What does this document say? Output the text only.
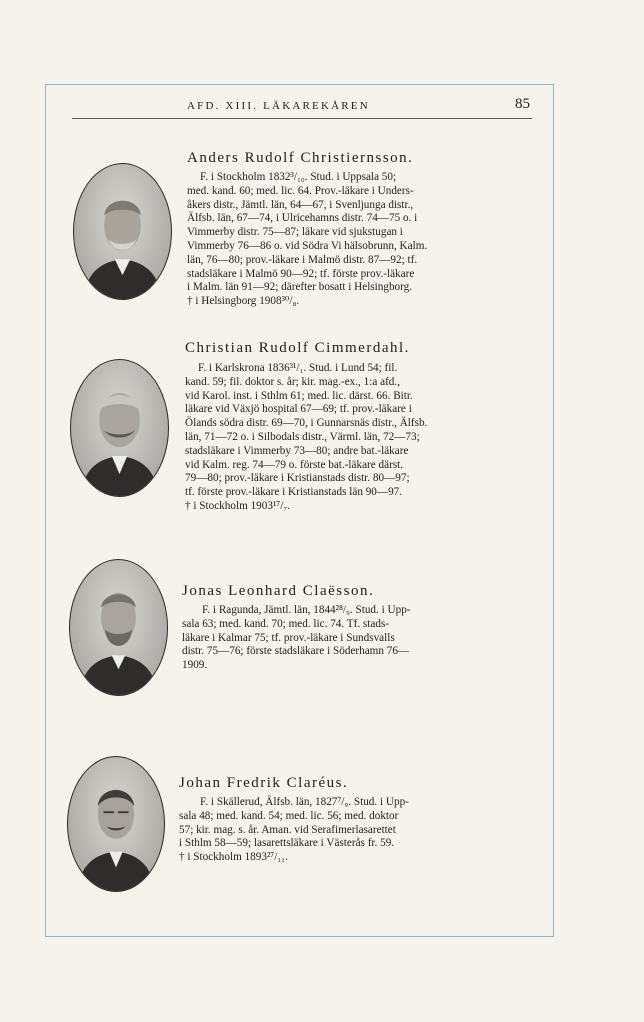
AFD. XIII. LÄKAREKÅREN	85
Anders Rudolf Christiernsson.

F. i Stockholm 1832³/₁₀. Stud. i Uppsala 50;
med. kand. 60; med. lic. 64. Prov.-läkare i Unders-
åkers distr., Jämtl. län, 64—67, i Svenljunga distr.,
Älfsb. län, 67—74, i Ulricehamns distr. 74—75 o. i
Vimmerby distr. 75—87; läkare vid sjukstugan i
Vimmerby 76—86 o. vid Södra Vi hälsobrunn, Kalm.
län, 76—80; prov.-läkare i Malmö distr. 87—92; tf.
stadsläkare i Malmö 90—92; tf. förste prov.-läkare
i Malm. län 91—92; därefter bosatt i Helsingborg.
† i Helsingborg 1908³⁰/₈.

Christian Rudolf Cimmerdahl.

F. i Karlskrona 1836³¹/₁. Stud. i Lund 54; fil.
kand. 59; fil. doktor s. år; kir. mag.-ex., 1:a afd.,
vid Karol. inst. i Sthlm 61; med. lic. därst. 66. Bitr.
läkare vid Växjö hospital 67—69; tf. prov.-läkare i
Ölands södra distr. 69—70, i Gunnarsnäs distr., Älfsb.
län, 71—72 o. i Silbodals distr., Värml. län, 72—73;
stadsläkare i Vimmerby 73—80; andre bat.-läkare
vid Kalm. reg. 74—79 o. förste bat.-läkare därst.
79—80; prov.-läkare i Kristianstads distr. 80—97;
tf. förste prov.-läkare i Kristianstads län 90—97.
† i Stockholm 1903¹⁷/₇.

Jonas Leonhard Claësson.

F. i Ragunda, Jämtl. län, 1844²⁸/₉. Stud. i Upp-
sala 63; med. kand. 70; med. lic. 74. Tf. stads-
läkare i Kalmar 75; tf. prov.-läkare i Sundsvalls
distr. 75—76; förste stadsläkare i Söderhamn 76—
1909.

Johan Fredrik Claréus.

F. i Skällerud, Älfsb. län, 1827⁷/₉. Stud. i Upp-
sala 48; med. kand. 54; med. lic. 56; med. doktor
57; kir. mag. s. år. Aman. vid Serafimerlasarettet
i Sthlm 58—59; lasarettsläkare i Västerås fr. 59.
† i Stockholm 1893²⁷/₁₁.
